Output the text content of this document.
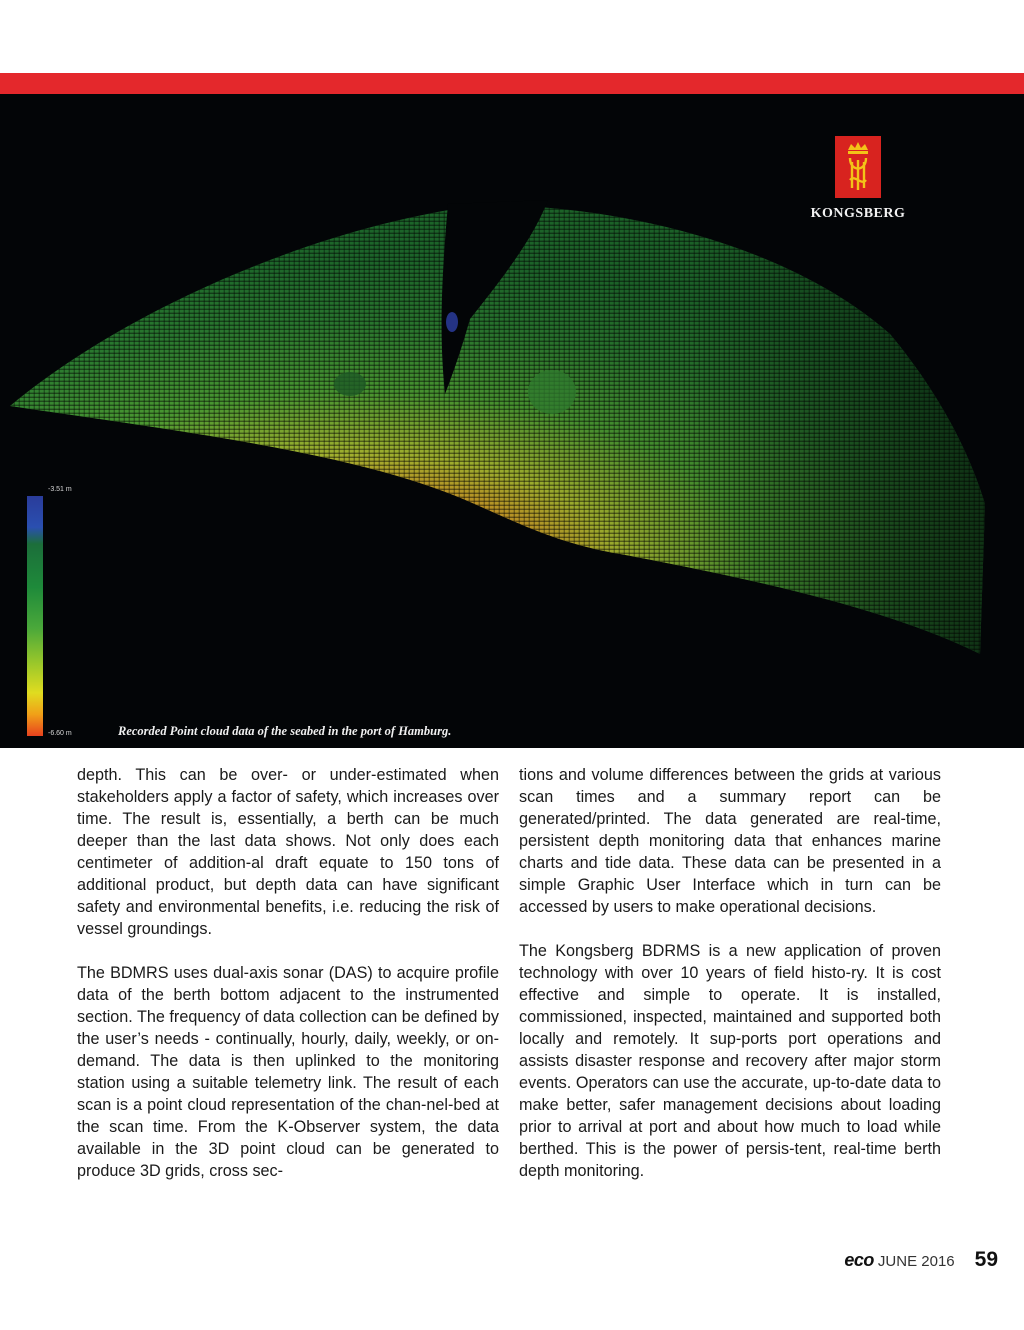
KONGSBERG
-3.51 m
-6.60 m	Recorded Point cloud data of the seabed in the port of Hamburg.

depth. This can be over- or under-estimated when stakeholders apply a factor of safety, which increases over time. The result is, essentially, a berth can be much deeper than the last data shows. Not only does each centimeter of addition-al draft equate to 150 tons of additional product, but depth data can have significant safety and environmental benefits, i.e. reducing the risk of vessel groundings.

The BDMRS uses dual-axis sonar (DAS) to acquire profile data of the berth bottom adjacent to the instrumented section. The frequency of data collection can be defined by the user’s needs - continually, hourly, daily, weekly, or on-demand. The data is then uplinked to the monitoring station using a suitable telemetry link. The result of each scan is a point cloud representation of the chan-nel-bed at the scan time. From the K-Observer system, the data available in the 3D point cloud can be generated to produce 3D grids, cross sec-

tions and volume differences between the grids at various scan times and a summary report can be generated/printed. The data generated are real-time, persistent depth monitoring data that enhances marine charts and tide data. These data can be presented in a simple Graphic User Interface which in turn can be accessed by users to make operational decisions.

The Kongsberg BDRMS is a new application of proven technology with over 10 years of field histo-ry. It is cost effective and simple to operate. It is installed, commissioned, inspected, maintained and supported both locally and remotely. It sup-ports port operations and assists disaster response and recovery after major storm events. Operators can use the accurate, up-to-date data to make better, safer management decisions about loading prior to arrival at port and about how much to load while berthed. This is the power of persis-tent, real-time berth depth monitoring.

eco JUNE 2016 59
